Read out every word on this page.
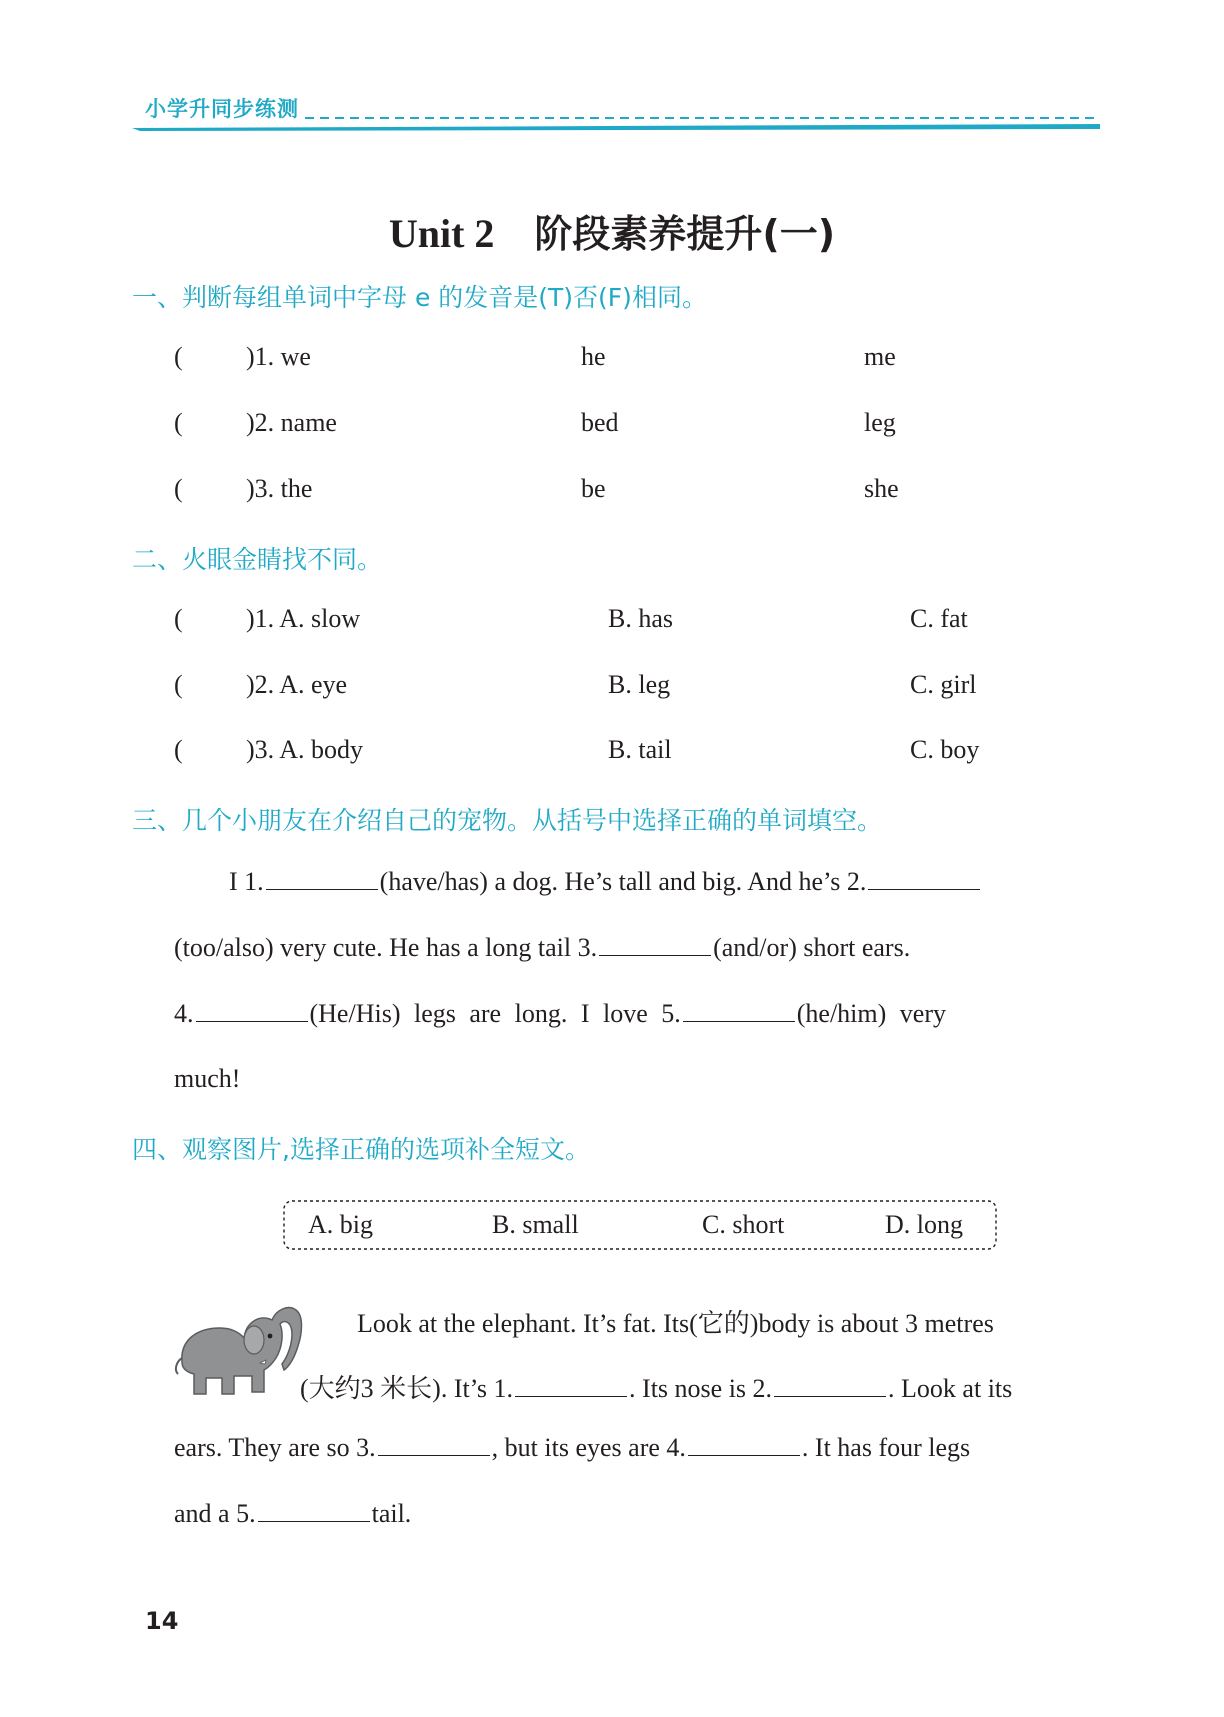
小学升同步练测
Unit 2 阶段素养提升(一)
一、判断每组单词中字母 e 的发音是(T)否(F)相同。
( )1. we	he	me
( )2. name	bed	leg
( )3. the	be	she
二、火眼金睛找不同。
( )1. A. slow	B. has	C. fat
( )2. A. eye	B. leg	C. girl
( )3. A. body	B. tail	C. boy
三、几个小朋友在介绍自己的宠物。从括号中选择正确的单词填空。
I 1.	(have/has) a dog. He’s tall and big. And he’s 2.
(too/also) very cute. He has a long tail 3.	(and/or) short ears.
4.	(He/His) legs are long. I love 5.	(he/him) very
much!
四、观察图片,选择正确的选项补全短文。
A. big	B. small	C. short	D. long
Look at the elephant. It’s fat. Its(它的)body is about 3 metres
(大约3 米长). It’s 1.	. Its nose is 2.	. Look at its
ears. They are so 3.	, but its eyes are 4.	. It has four legs
and a 5.	tail.
14
